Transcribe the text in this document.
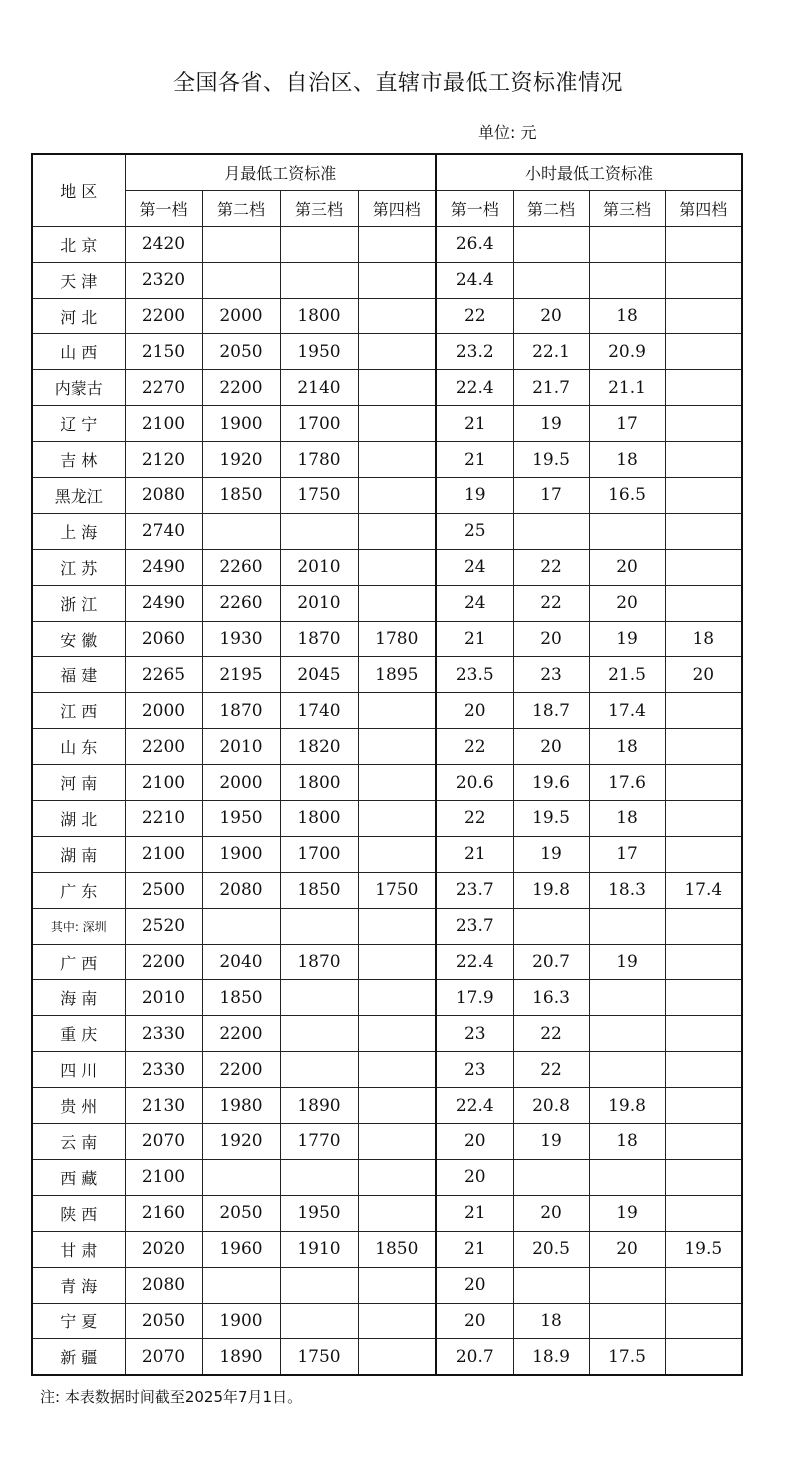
全国各省、自治区、直辖市最低工资标准情况
单位: 元
地 区	月最低工资标准				小时最低工资标准			
	第一档	第二档	第三档	第四档	第一档	第二档	第三档	第四档
北 京	2420				26.4			
天 津	2320				24.4			
河 北	2200	2000	1800		22	20	18	
山 西	2150	2050	1950		23.2	22.1	20.9	
内蒙古	2270	2200	2140		22.4	21.7	21.1	
辽 宁	2100	1900	1700		21	19	17	
吉 林	2120	1920	1780		21	19.5	18	
黑龙江	2080	1850	1750		19	17	16.5	
上 海	2740				25			
江 苏	2490	2260	2010		24	22	20	
浙 江	2490	2260	2010		24	22	20	
安 徽	2060	1930	1870	1780	21	20	19	18
福 建	2265	2195	2045	1895	23.5	23	21.5	20
江 西	2000	1870	1740		20	18.7	17.4	
山 东	2200	2010	1820		22	20	18	
河 南	2100	2000	1800		20.6	19.6	17.6	
湖 北	2210	1950	1800		22	19.5	18	
湖 南	2100	1900	1700		21	19	17	
广 东	2500	2080	1850	1750	23.7	19.8	18.3	17.4
其中: 深圳	2520				23.7			
广 西	2200	2040	1870		22.4	20.7	19	
海 南	2010	1850			17.9	16.3		
重 庆	2330	2200			23	22		
四 川	2330	2200			23	22		
贵 州	2130	1980	1890		22.4	20.8	19.8	
云 南	2070	1920	1770		20	19	18	
西 藏	2100				20			
陕 西	2160	2050	1950		21	20	19	
甘 肃	2020	1960	1910	1850	21	20.5	20	19.5
青 海	2080				20			
宁 夏	2050	1900			20	18		
新 疆	2070	1890	1750		20.7	18.9	17.5	
注: 本表数据时间截至2025年7月1日。
